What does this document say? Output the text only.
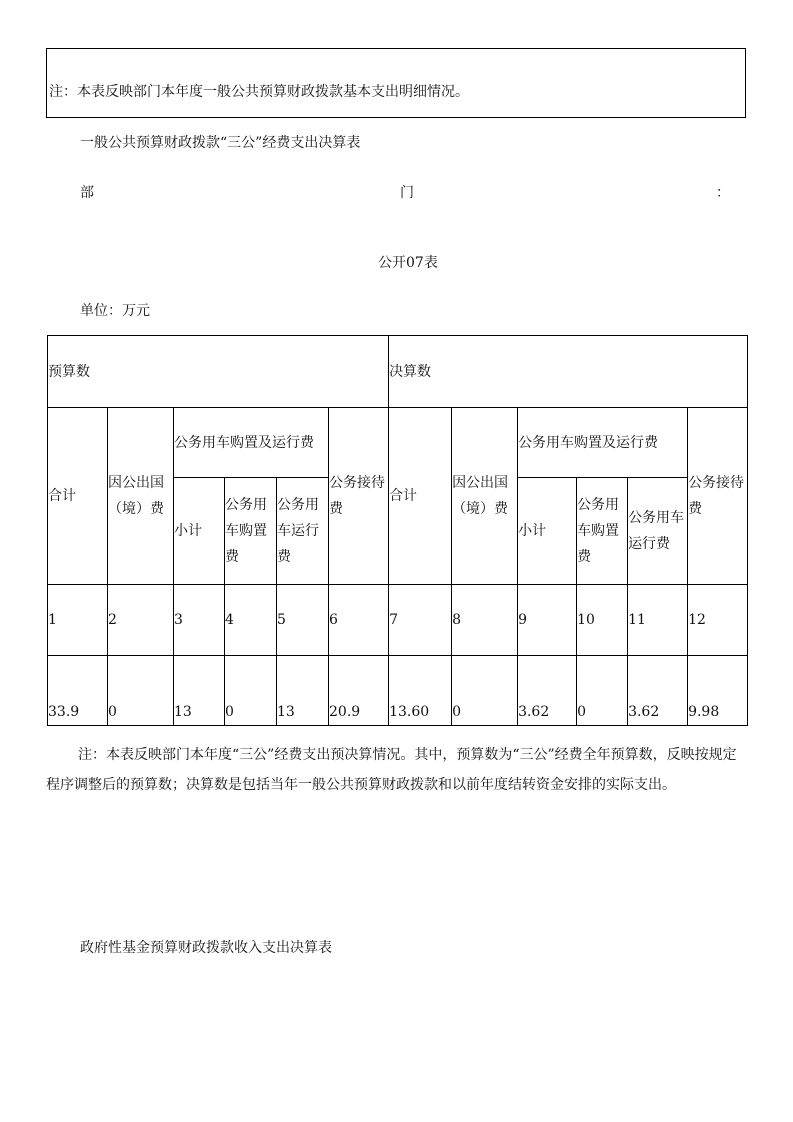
注：本表反映部门本年度一般公共预算财政拨款基本支出明细情况。
一般公共预算财政拨款“三公”经费支出决算表
部	门	：
公开07表
单位：万元
预算数						决算数					
合计	因公出国（境）费	公务用车购置及运行费			公务接待费	合计	因公出国（境）费	公务用车购置及运行费			公务接待费
		小计	公务用车购置费	公务用车运行费				小计	公务用车购置费	公务用车运行费	
1	2	3	4	5	6	7	8	9	10	11	12
33.9	0	13	0	13	20.9	13.60	0	3.62	0	3.62	9.98
注：本表反映部门本年度“三公”经费支出预决算情况。其中，预算数为“三公”经费全年预算数，反映按规定程序调整后的预算数；决算数是包括当年一般公共预算财政拨款和以前年度结转资金安排的实际支出。
政府性基金预算财政拨款收入支出决算表
